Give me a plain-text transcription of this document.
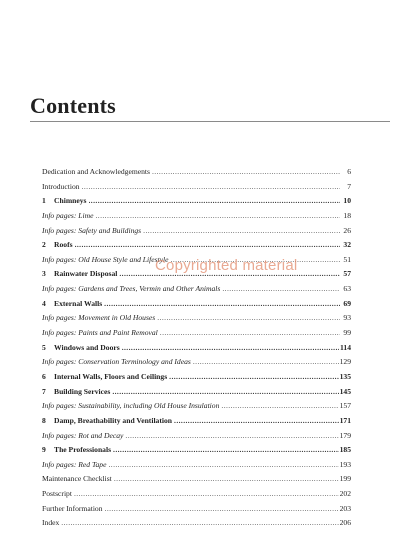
Contents
Dedication and Acknowledgements .....	6
Introduction .....	7
1	Chimneys .....	10
Info pages: Lime .....	18
Info pages: Safety and Buildings .....	26
2	Roofs .....	32
Info pages: Old House Style and Lifestyle .....	51
3	Rainwater Disposal .....	57
Info pages: Gardens and Trees, Vermin and Other Animals .....	63
4	External Walls .....	69
Info pages: Movement in Old Houses .....	93
Info pages: Paints and Paint Removal .....	99
5	Windows and Doors .....	114
Info pages: Conservation Terminology and Ideas .....	129
6	Internal Walls, Floors and Ceilings .....	135
7	Building Services .....	145
Info pages: Sustainability, including Old House Insulation .....	157
8	Damp, Breathability and Ventilation .....	171
Info pages: Rot and Decay .....	179
9	The Professionals .....	185
Info pages: Red Tape .....	193
Maintenance Checklist .....	199
Postscript .....	202
Further Information .....	203
Index .....	206
Copyrighted material
